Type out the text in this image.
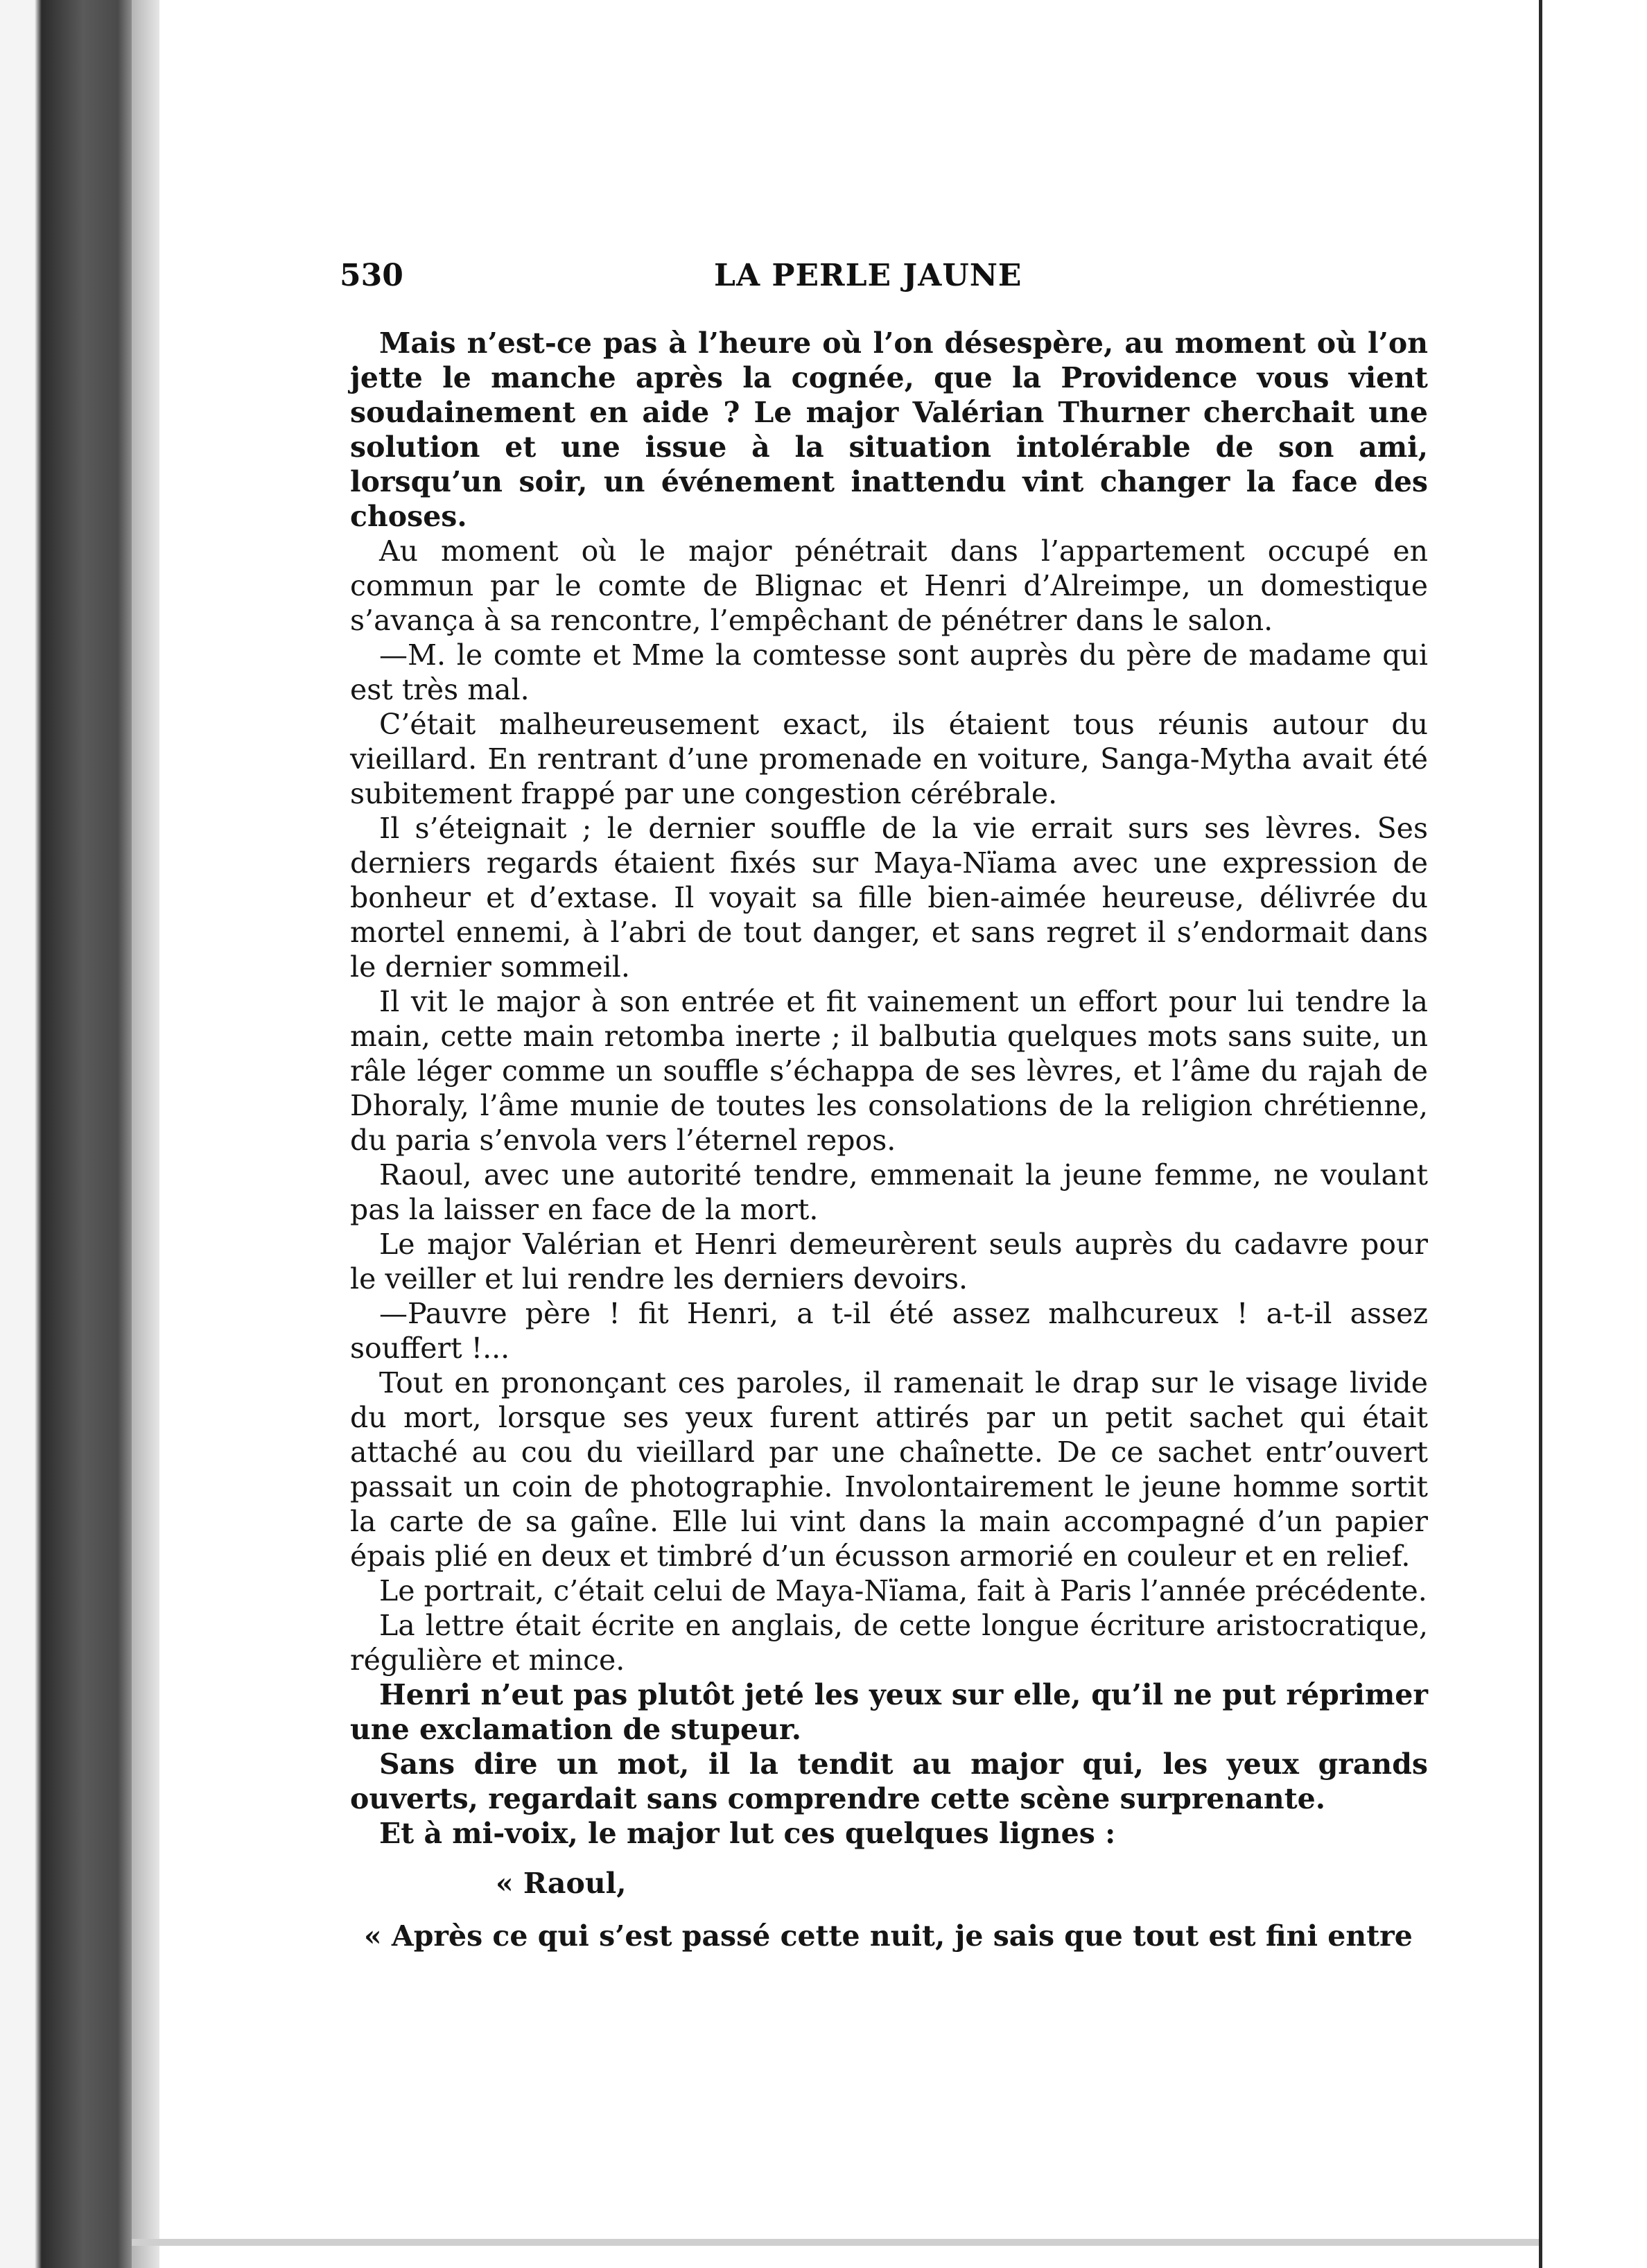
530	LA PERLE JAUNE

Mais n’est-ce pas à l’heure où l’on désespère, au moment où l’on jette le manche après la cognée, que la Providence vous vient soudainement en aide ? Le major Valérian Thurner cherchait une solution et une issue à la situation intolérable de son ami, lorsqu’un soir, un événement inattendu vint changer la face des choses.

Au moment où le major pénétrait dans l’appartement occupé en commun par le comte de Blignac et Henri d’Alreimpe, un domestique s’avança à sa rencontre, l’empêchant de pénétrer dans le salon.

—M. le comte et Mme la comtesse sont auprès du père de madame qui est très mal.

C’était malheureusement exact, ils étaient tous réunis autour du vieillard. En rentrant d’une promenade en voiture, Sanga-Mytha avait été subitement frappé par une congestion cérébrale.

Il s’éteignait ; le dernier souffle de la vie errait surs ses lèvres. Ses derniers regards étaient fixés sur Maya-Nïama avec une expression de bonheur et d’extase. Il voyait sa fille bien-aimée heureuse, délivrée du mortel ennemi, à l’abri de tout danger, et sans regret il s’endormait dans le dernier sommeil.

Il vit le major à son entrée et fit vainement un effort pour lui tendre la main, cette main retomba inerte ; il balbutia quelques mots sans suite, un râle léger comme un souffle s’échappa de ses lèvres, et l’âme du rajah de Dhoraly, l’âme munie de toutes les consolations de la religion chrétienne, du paria s’envola vers l’éternel repos.

Raoul, avec une autorité tendre, emmenait la jeune femme, ne voulant pas la laisser en face de la mort.

Le major Valérian et Henri demeurèrent seuls auprès du cadavre pour le veiller et lui rendre les derniers devoirs.

—Pauvre père ! fit Henri, a t-il été assez malhcureux ! a-t-il assez souffert !...

Tout en prononçant ces paroles, il ramenait le drap sur le visage livide du mort, lorsque ses yeux furent attirés par un petit sachet qui était attaché au cou du vieillard par une chaînette. De ce sachet entr’ouvert passait un coin de photographie. Involontairement le jeune homme sortit la carte de sa gaîne. Elle lui vint dans la main accompagné d’un papier épais plié en deux et timbré d’un écusson armorié en couleur et en relief.

Le portrait, c’était celui de Maya-Nïama, fait à Paris l’année précédente.

La lettre était écrite en anglais, de cette longue écriture aristocratique, régulière et mince.

Henri n’eut pas plutôt jeté les yeux sur elle, qu’il ne put réprimer une exclamation de stupeur.

Sans dire un mot, il la tendit au major qui, les yeux grands ouverts, regardait sans comprendre cette scène surprenante.

Et à mi-voix, le major lut ces quelques lignes :

« Raoul,

« Après ce qui s’est passé cette nuit, je sais que tout est fini entre
